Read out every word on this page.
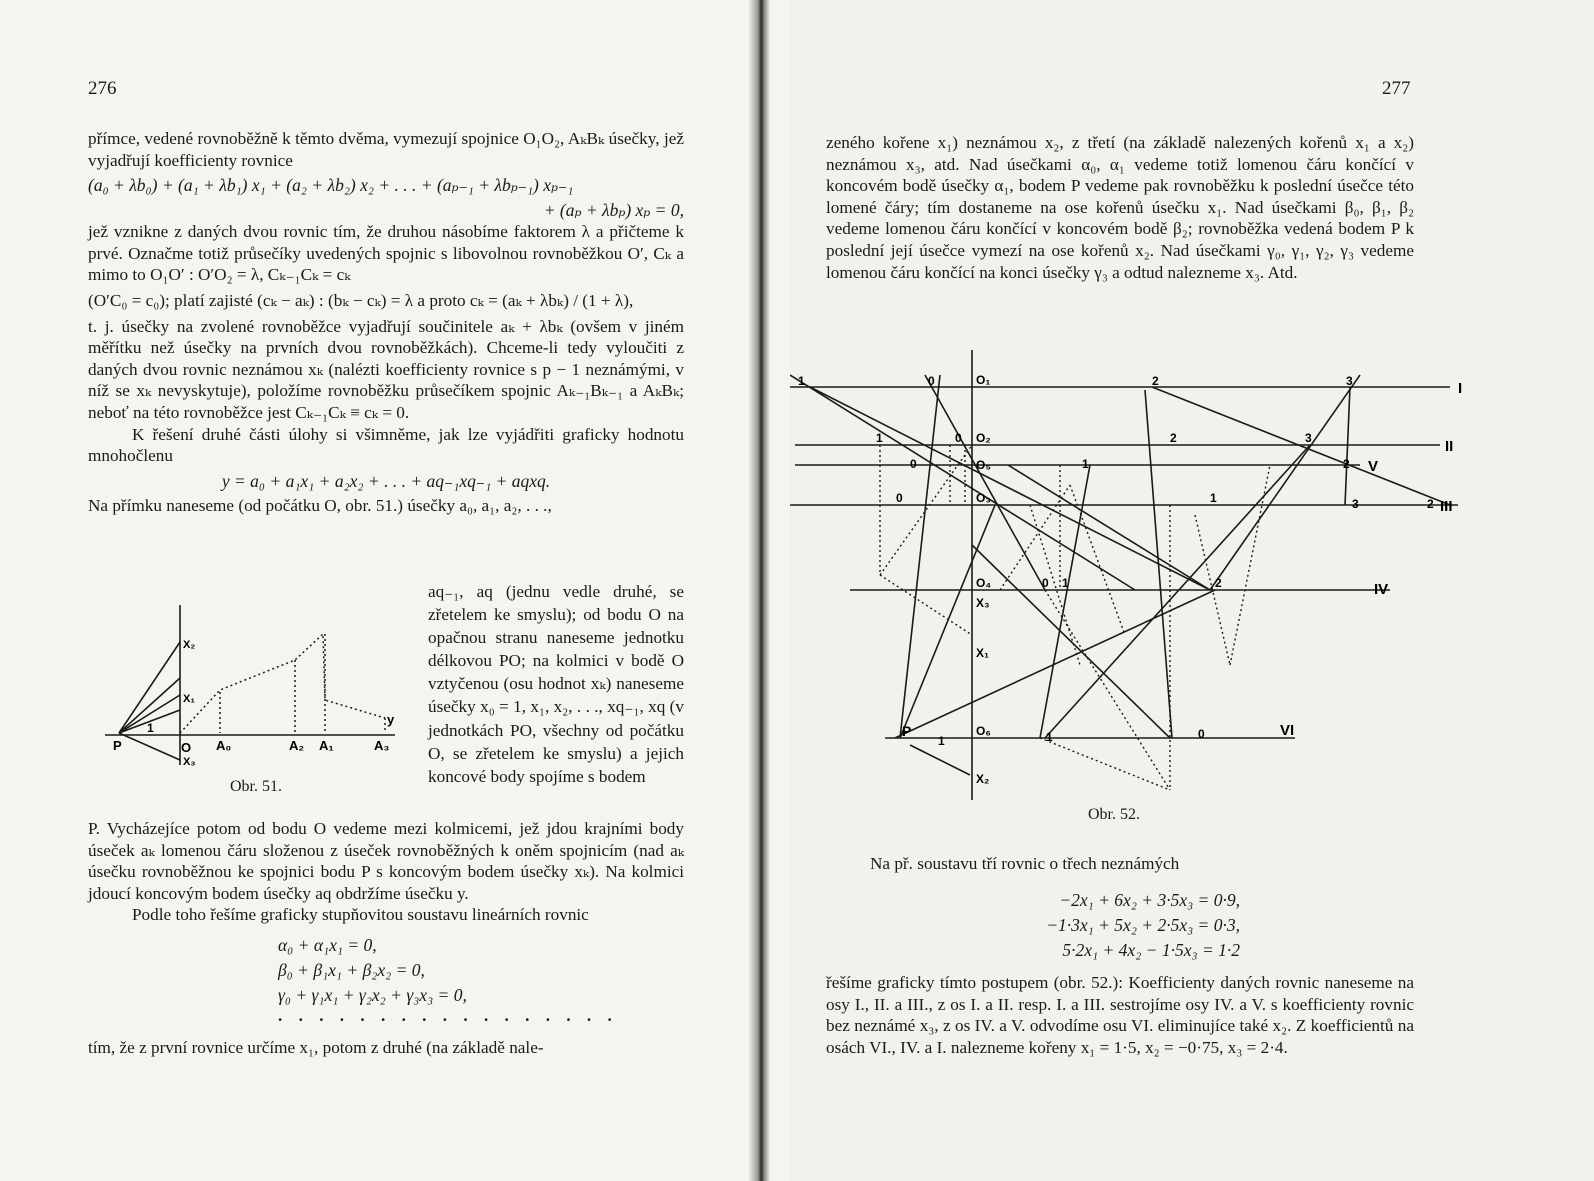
276

přímce, vedené rovnoběžně k těmto dvěma, vymezují spojnice O₁O₂, AₖBₖ úsečky, jež vyjadřují koefficienty rovnice

(a₀ + λb₀) + (a₁ + λb₁) x₁ + (a₂ + λb₂) x₂ + . . . + (aₚ₋₁ + λbₚ₋₁) xₚ₋₁
+ (aₚ + λbₚ) xₚ = 0,

jež vznikne z daných dvou rovnic tím, že druhou násobíme faktorem λ a přičteme k prvé. Označme totiž průsečíky uvedených spojnic s libovolnou rovnoběžkou O′, Cₖ a mimo to O₁O′ : O′O₂ = λ, Cₖ₋₁Cₖ = cₖ

(O′C₀ = c₀); platí zajisté (cₖ − aₖ) : (bₖ − cₖ) = λ a proto cₖ = (aₖ + λbₖ) / (1 + λ),

t. j. úsečky na zvolené rovnoběžce vyjadřují součinitele aₖ + λbₖ (ovšem v jiném měřítku než úsečky na prvních dvou rovnoběžkách). Chceme-li tedy vyloučiti z daných dvou rovnic neznámou xₖ (nalézti koefficienty rovnice s p − 1 neznámými, v níž se xₖ nevyskytuje), položíme rovnoběžku průsečíkem spojnic Aₖ₋₁Bₖ₋₁ a AₖBₖ; neboť na této rovnoběžce jest Cₖ₋₁Cₖ ≡ cₖ = 0.

K řešení druhé části úlohy si všimněme, jak lze vyjádřiti graficky hodnotu mnohočlenu

y = a₀ + a₁x₁ + a₂x₂ + . . . + aq₋₁xq₋₁ + aqxq.

Na přímku naneseme (od počátku O, obr. 51.) úsečky a₀, a₁, a₂, . . .,

X₂
X₁
X₃
P
1
O A₀	A₂ A₁	A₃
y
Obr. 51.
aq₋₁, aq (jednu vedle druhé, se zřetelem ke smyslu); od bodu O na opačnou stranu naneseme jednotku délkovou PO; na kolmici v bodě O vztyčenou (osu hodnot xₖ) naneseme úsečky x₀ = 1, x₁, x₂, . . ., xq₋₁, xq (v jednotkách PO, všechny od počátku O, se zřetelem ke smyslu) a jejich koncové body spojíme s bodem

P. Vycházejíce potom od bodu O vedeme mezi kolmicemi, jež jdou krajními body úseček aₖ lomenou čáru složenou z úseček rovnoběžných k oněm spojnicím (nad aₖ úsečku rovnoběžnou ke spojnici bodu P s koncovým bodem úsečky xₖ). Na kolmici jdoucí koncovým bodem úsečky aq obdržíme úsečku y.

Podle toho řešíme graficky stupňovitou soustavu lineárních rovnic

α₀ + α₁x₁ = 0,
β₀ + β₁x₁ + β₂x₂ = 0,
γ₀ + γ₁x₁ + γ₂x₂ + γ₃x₃ = 0,
. . . . . . . . . . . . . . . . .

tím, že z první rovnice určíme x₁, potom z druhé (na základě nale-

277
zeného kořene x₁) neznámou x₂, z třetí (na základě nalezených kořenů x₁ a x₂) neznámou x₃, atd. Nad úsečkami α₀, α₁ vedeme totiž lomenou čáru končící v koncovém bodě úsečky α₁, bodem P vedeme pak rovnoběžku k poslední úsečce této lomené čáry; tím dostaneme na ose kořenů úsečku x₁. Nad úsečkami β₀, β₁, β₂ vedeme lomenou čáru končící v koncovém bodě β₂; rovnoběžka vedená bodem P k poslední její úsečce vymezí na ose kořenů x₂. Nad úsečkami γ₀, γ₁, γ₂, γ₃ vedeme lomenou čáru končící na konci úsečky γ₃ a odtud nalezneme x₃. Atd.
I
II
V
III
IV
VI
O₁
O₂
O₅
O₃
O₄
O₆
X₃
X₁
X₂
P
0
1	2	3
0
1	2	3
0	1	2
0	1	2
3
0 1	2
1	1	0
Obr. 52.
Na př. soustavu tří rovnic o třech neznámých
−2x₁ + 6x₂ + 3·5x₃ = 0·9,
−1·3x₁ + 5x₂ + 2·5x₃ = 0·3,
5·2x₁ + 4x₂ − 1·5x₃ = 1·2
řešíme graficky tímto postupem (obr. 52.): Koefficienty daných rovnic naneseme na osy I., II. a III., z os I. a II. resp. I. a III. sestrojíme osy IV. a V. s koefficienty rovnic bez neznámé x₃, z os IV. a V. odvodíme osu VI. eliminujíce také x₂. Z koefficientů na osách VI., IV. a I. nalezneme kořeny x₁ = 1·5, x₂ = −0·75, x₃ = 2·4.
